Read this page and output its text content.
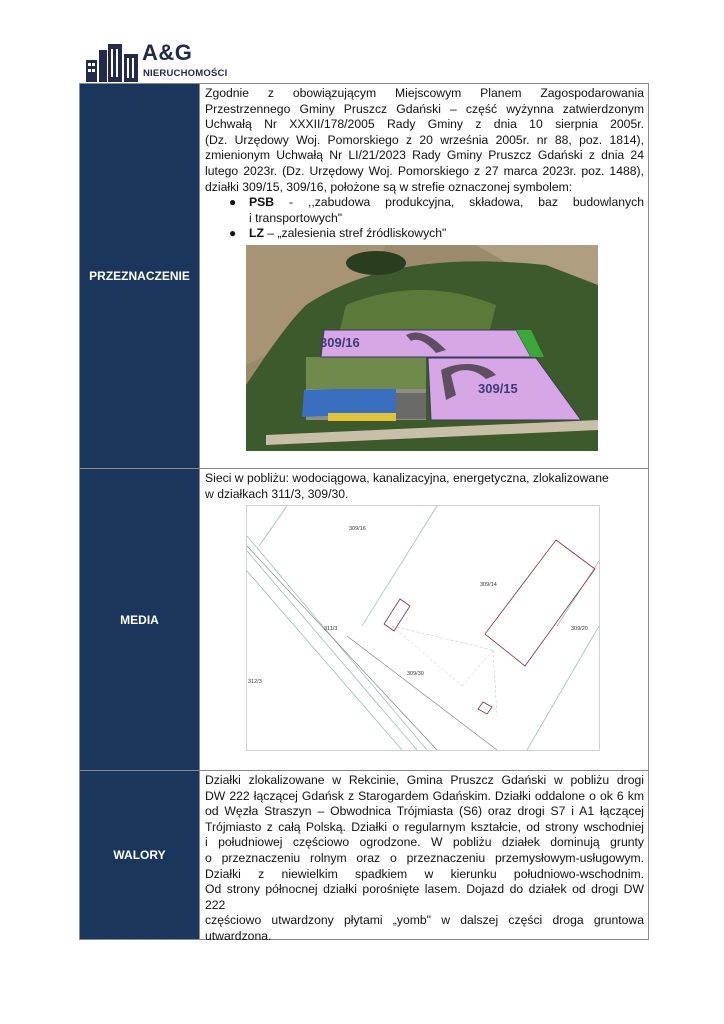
A&G
NIERUCHOMOŚCI
PRZEZNACZENIE
Zgodnie z obowiązującym Miejscowym Planem Zagospodarowania
Przestrzennego Gminy Pruszcz Gdański – część wyżynna zatwierdzonym
Uchwałą Nr XXXII/178/2005 Rady Gminy z dnia 10 sierpnia 2005r.
(Dz. Urzędowy Woj. Pomorskiego z 20 września 2005r. nr 88, poz. 1814),
zmienionym Uchwałą Nr LI/21/2023 Rady Gminy Pruszcz Gdański z dnia 24
lutego 2023r. (Dz. Urzędowy Woj. Pomorskiego z 27 marca 2023r. poz. 1488),
działki 309/15, 309/16, położone są w strefie oznaczonej symbolem:
● PSB - ,,zabudowa produkcyjna, składowa, baz budowlanych
i transportowych"
● LZ – „zalesienia stref źródliskowych"
309/16
309/15
MEDIA
Sieci w pobliżu: wodociągowa, kanalizacyjna, energetyczna, zlokalizowane
w działkach 311/3, 309/30.
309/16
309/14
309/20
311/3
309/30
312/3
WALORY
Działki zlokalizowane w Rekcinie, Gmina Pruszcz Gdański w pobliżu drogi
DW 222 łączącej Gdańsk z Starogardem Gdańskim. Działki oddalone o ok 6 km
od Węzła Straszyn – Obwodnica Trójmiasta (S6) oraz drogi S7 i A1 łączącej
Trójmiasto z całą Polską. Działki o regularnym kształcie, od strony wschodniej
i południowej częściowo ogrodzone. W pobliżu działek dominują grunty
o przeznaczeniu rolnym oraz o przeznaczeniu przemysłowym-usługowym.
Działki z niewielkim spadkiem w kierunku południowo-wschodnim.
Od strony północnej działki porośnięte lasem. Dojazd do działek od drogi DW 222
częściowo utwardzony płytami „yomb" w dalszej części droga gruntowa
utwardzona.
